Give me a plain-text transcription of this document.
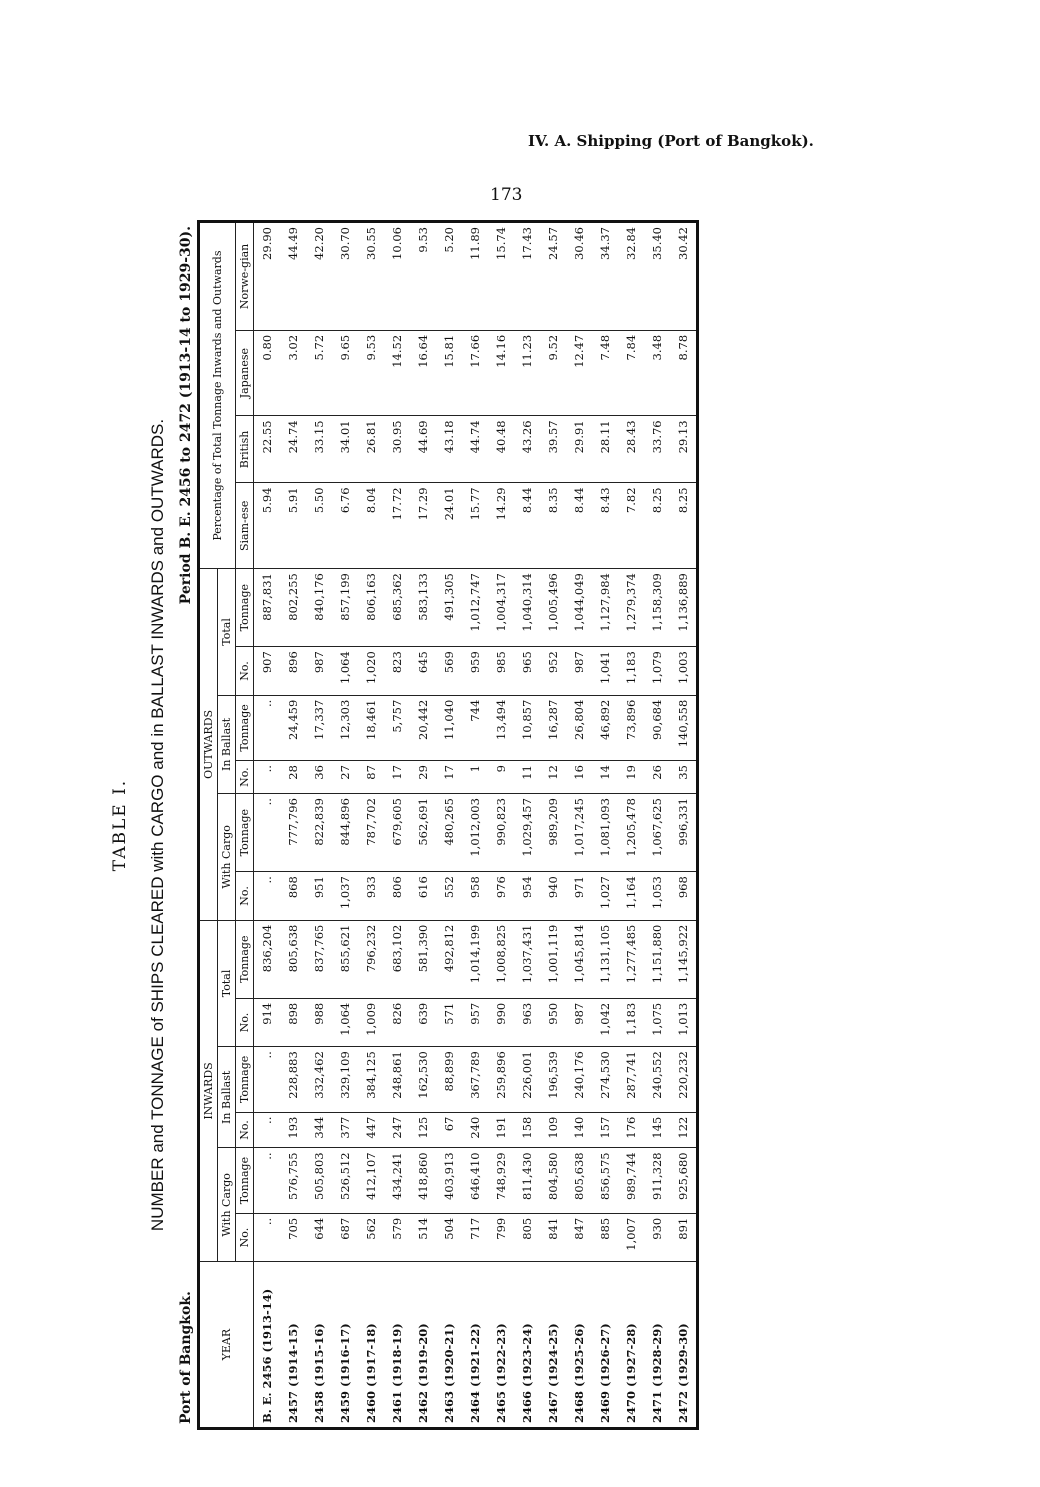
IV. A. Shipping (Port of Bangkok).
173
TABLE I. NUMBER and TONNAGE of SHIPS CLEARED with CARGO and in BALLAST INWARDS and OUTWARDS.
Port of Bangkok.
Period B. E. 2456 to 2472 (1913-14 to 1929-30).
YEAR	INWARDS						OUTWARDS						Percentage of Total Tonnage Inwards and Outwards			
	With Cargo		In Ballast		Total		With Cargo		In Ballast		Total					
	No.	Tonnage	No.	Tonnage	No.	Tonnage	No.	Tonnage	No.	Tonnage	No.	Tonnage	Siam-ese	British	Japanese	Norwe-gian
B. E. 2456 (1913-14)	..	..	..	..	914	836,204	..	..	..	..	907	887,831	5.94	22.55	0.80	29.90
2457 (1914-15)	705	576,755	193	228,883	898	805,638	868	777,796	28	24,459	896	802,255	5.91	24.74	3.02	44.49
2458 (1915-16)	644	505,803	344	332,462	988	837,765	951	822,839	36	17,337	987	840,176	5.50	33.15	5.72	42.20
2459 (1916-17)	687	526,512	377	329,109	1,064	855,621	1,037	844,896	27	12,303	1,064	857,199	6.76	34.01	9.65	30.70
2460 (1917-18)	562	412,107	447	384,125	1,009	796,232	933	787,702	87	18,461	1,020	806,163	8.04	26.81	9.53	30.55
2461 (1918-19)	579	434,241	247	248,861	826	683,102	806	679,605	17	5,757	823	685,362	17.72	30.95	14.52	10.06
2462 (1919-20)	514	418,860	125	162,530	639	581,390	616	562,691	29	20,442	645	583,133	17.29	44.69	16.64	9.53
2463 (1920-21)	504	403,913	67	88,899	571	492,812	552	480,265	17	11,040	569	491,305	24.01	43.18	15.81	5.20
2464 (1921-22)	717	646,410	240	367,789	957	1,014,199	958	1,012,003	1	744	959	1,012,747	15.77	44.74	17.66	11.89
2465 (1922-23)	799	748,929	191	259,896	990	1,008,825	976	990,823	9	13,494	985	1,004,317	14.29	40.48	14.16	15.74
2466 (1923-24)	805	811,430	158	226,001	963	1,037,431	954	1,029,457	11	10,857	965	1,040,314	8.44	43.26	11.23	17.43
2467 (1924-25)	841	804,580	109	196,539	950	1,001,119	940	989,209	12	16,287	952	1,005,496	8.35	39.57	9.52	24.57
2468 (1925-26)	847	805,638	140	240,176	987	1,045,814	971	1,017,245	16	26,804	987	1,044,049	8.44	29.91	12.47	30.46
2469 (1926-27)	885	856,575	157	274,530	1,042	1,131,105	1,027	1,081,093	14	46,892	1,041	1,127,984	8.43	28.11	7.48	34.37
2470 (1927-28)	1,007	989,744	176	287,741	1,183	1,277,485	1,164	1,205,478	19	73,896	1,183	1,279,374	7.82	28.43	7.84	32.84
2471 (1928-29)	930	911,328	145	240,552	1,075	1,151,880	1,053	1,067,625	26	90,684	1,079	1,158,309	8.25	33.76	3.48	35.40
2472 (1929-30)	891	925,680	122	220,232	1,013	1,145,922	968	996,331	35	140,558	1,003	1,136,889	8.25	29.13	8.78	30.42
